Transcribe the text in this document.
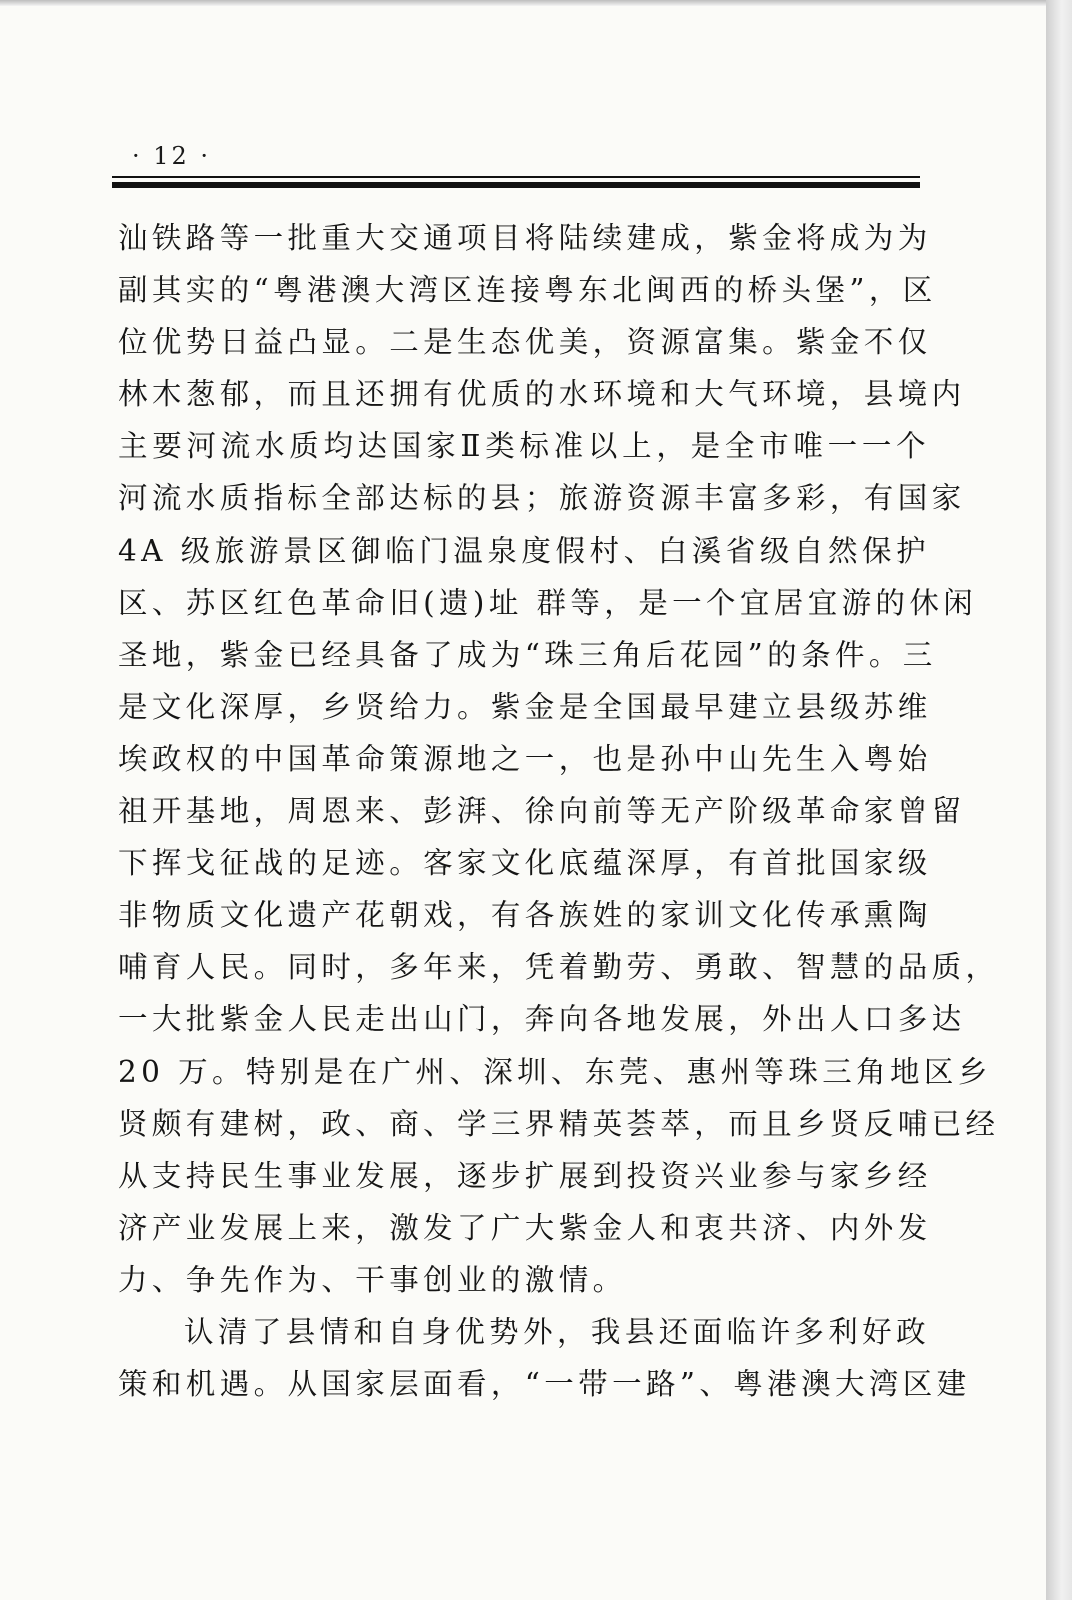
· 12 ·
汕铁路等一批重大交通项目将陆续建成，紫金将成为为
副其实的“粤港澳大湾区连接粤东北闽西的桥头堡”，区
位优势日益凸显。二是生态优美，资源富集。紫金不仅
林木葱郁，而且还拥有优质的水环境和大气环境，县境内
主要河流水质均达国家Ⅱ类标准以上，是全市唯一一个
河流水质指标全部达标的县；旅游资源丰富多彩，有国家
4A 级旅游景区御临门温泉度假村、白溪省级自然保护
区、苏区红色革命旧(遗)址 群等，是一个宜居宜游的休闲
圣地，紫金已经具备了成为“珠三角后花园”的条件。三
是文化深厚，乡贤给力。紫金是全国最早建立县级苏维
埃政权的中国革命策源地之一，也是孙中山先生入粤始
祖开基地，周恩来、彭湃、徐向前等无产阶级革命家曾留
下挥戈征战的足迹。客家文化底蕴深厚，有首批国家级
非物质文化遗产花朝戏，有各族姓的家训文化传承熏陶
哺育人民。同时，多年来，凭着勤劳、勇敢、智慧的品质，
一大批紫金人民走出山门，奔向各地发展，外出人口多达
20 万。特别是在广州、深圳、东莞、惠州等珠三角地区乡
贤颇有建树，政、商、学三界精英荟萃，而且乡贤反哺已经
从支持民生事业发展，逐步扩展到投资兴业参与家乡经
济产业发展上来，激发了广大紫金人和衷共济、内外发
力、争先作为、干事创业的激情。
认清了县情和自身优势外，我县还面临许多利好政
策和机遇。从国家层面看，“一带一路”、粤港澳大湾区建
